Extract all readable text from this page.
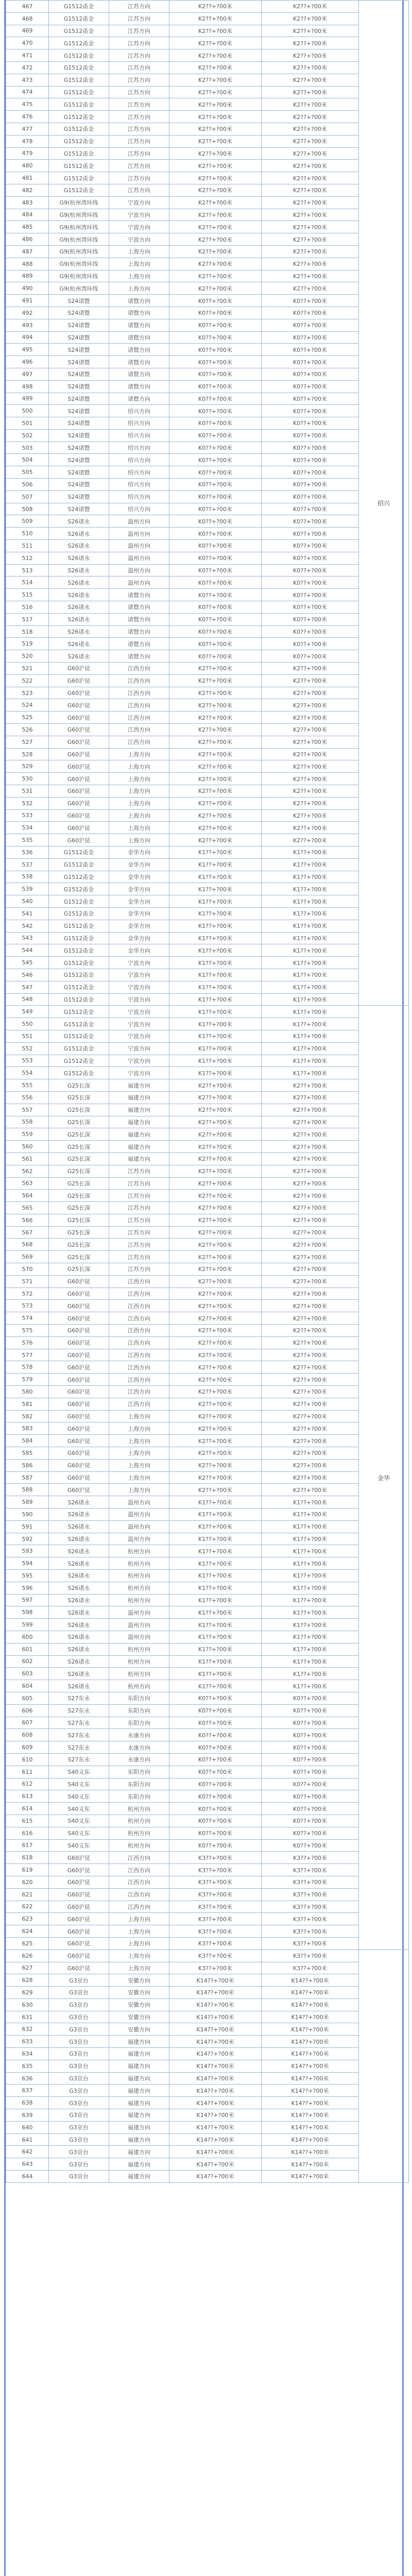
467	G1512甬金	江苏方向	K2??+?00米	K2??+?00米	绍兴
468	G1512甬金	江苏方向	K2??+?00米	K2??+?00米	
469	G1512甬金	江苏方向	K2??+?00米	K2??+?00米	
470	G1512甬金	江苏方向	K2??+?00米	K2??+?00米	
471	G1512甬金	江苏方向	K2??+?00米	K2??+?00米	
472	G1512甬金	江苏方向	K2??+?00米	K2??+?00米	
473	G1512甬金	江苏方向	K2??+?00米	K2??+?00米	
474	G1512甬金	江苏方向	K2??+?00米	K2??+?00米	
475	G1512甬金	江苏方向	K2??+?00米	K2??+?00米	
476	G1512甬金	江苏方向	K2??+?00米	K2??+?00米	
477	G1512甬金	江苏方向	K2??+?00米	K2??+?00米	
478	G1512甬金	江苏方向	K2??+?00米	K2??+?00米	
479	G1512甬金	江苏方向	K2??+?00米	K2??+?00米	
480	G1512甬金	江苏方向	K2??+?00米	K2??+?00米	
481	G1512甬金	江苏方向	K2??+?00米	K2??+?00米	
482	G1512甬金	江苏方向	K2??+?00米	K2??+?00米	
483	G9(杭州湾环线	宁波方向	K2??+?00米	K2??+?00米	
484	G9(杭州湾环线	宁波方向	K2??+?00米	K2??+?00米	
485	G9(杭州湾环线	宁波方向	K2??+?00米	K2??+?00米	
486	G9(杭州湾环线	宁波方向	K2??+?00米	K2??+?00米	
487	G9(杭州湾环线	上海方向	K2??+?00米	K2??+?00米	
488	G9(杭州湾环线	上海方向	K2??+?00米	K2??+?00米	
489	G9(杭州湾环线	上海方向	K2??+?00米	K2??+?00米	
490	G9(杭州湾环线	上海方向	K2??+?00米	K2??+?00米	
491	S24诸暨	诸暨方向	K0??+?00米	K0??+?00米	
492	S24诸暨	诸暨方向	K0??+?00米	K0??+?00米	
493	S24诸暨	诸暨方向	K0??+?00米	K0??+?00米	
494	S24诸暨	诸暨方向	K0??+?00米	K0??+?00米	
495	S24诸暨	诸暨方向	K0??+?00米	K0??+?00米	
496	S24诸暨	诸暨方向	K0??+?00米	K0??+?00米	
497	S24诸暨	诸暨方向	K0??+?00米	K0??+?00米	
498	S24诸暨	诸暨方向	K0??+?00米	K0??+?00米	
499	S24诸暨	诸暨方向	K0??+?00米	K0??+?00米	
500	S24诸暨	绍兴方向	K0??+?00米	K0??+?00米	
501	S24诸暨	绍兴方向	K0??+?00米	K0??+?00米	
502	S24诸暨	绍兴方向	K0??+?00米	K0??+?00米	
503	S24诸暨	绍兴方向	K0??+?00米	K0??+?00米	
504	S24诸暨	绍兴方向	K0??+?00米	K0??+?00米	
505	S24诸暨	绍兴方向	K0??+?00米	K0??+?00米	
506	S24诸暨	绍兴方向	K0??+?00米	K0??+?00米	
507	S24诸暨	绍兴方向	K0??+?00米	K0??+?00米	
508	S24诸暨	绍兴方向	K0??+?00米	K0??+?00米	
509	S26诸永	温州方向	K0??+?00米	K0??+?00米	
510	S26诸永	温州方向	K0??+?00米	K0??+?00米	
511	S26诸永	温州方向	K0??+?00米	K0??+?00米	
512	S26诸永	温州方向	K0??+?00米	K0??+?00米	
513	S26诸永	温州方向	K0??+?00米	K0??+?00米	
514	S26诸永	温州方向	K0??+?00米	K0??+?00米	
515	S26诸永	诸暨方向	K0??+?00米	K0??+?00米	
516	S26诸永	诸暨方向	K0??+?00米	K0??+?00米	
517	S26诸永	诸暨方向	K0??+?00米	K0??+?00米	
518	S26诸永	诸暨方向	K0??+?00米	K0??+?00米	
519	S26诸永	诸暨方向	K0??+?00米	K0??+?00米	
520	S26诸永	诸暨方向	K0??+?00米	K0??+?00米	
521	G60沪昆	江西方向	K2??+?00米	K2??+?00米	
522	G60沪昆	江西方向	K2??+?00米	K2??+?00米	
523	G60沪昆	江西方向	K2??+?00米	K2??+?00米	
524	G60沪昆	江西方向	K2??+?00米	K2??+?00米	
525	G60沪昆	江西方向	K2??+?00米	K2??+?00米	
526	G60沪昆	江西方向	K2??+?00米	K2??+?00米	
527	G60沪昆	江西方向	K2??+?00米	K2??+?00米	
528	G60沪昆	上海方向	K2??+?00米	K2??+?00米	
529	G60沪昆	上海方向	K2??+?00米	K2??+?00米	
530	G60沪昆	上海方向	K2??+?00米	K2??+?00米	
531	G60沪昆	上海方向	K2??+?00米	K2??+?00米	
532	G60沪昆	上海方向	K2??+?00米	K2??+?00米	
533	G60沪昆	上海方向	K2??+?00米	K2??+?00米	
534	G60沪昆	上海方向	K2??+?00米	K2??+?00米	
535	G60沪昆	上海方向	K2??+?00米	K2??+?00米	
536	G1512甬金	金华方向	K1??+?00米	K1??+?00米	
537	G1512甬金	金华方向	K1??+?00米	K1??+?00米	
538	G1512甬金	金华方向	K1??+?00米	K1??+?00米	
539	G1512甬金	金华方向	K1??+?00米	K1??+?00米	
540	G1512甬金	金华方向	K1??+?00米	K1??+?00米	
541	G1512甬金	金华方向	K1??+?00米	K1??+?00米	
542	G1512甬金	金华方向	K1??+?00米	K1??+?00米	
543	G1512甬金	金华方向	K1??+?00米	K1??+?00米	
544	G1512甬金	金华方向	K1??+?00米	K1??+?00米	
545	G1512甬金	宁波方向	K1??+?00米	K1??+?00米	
546	G1512甬金	宁波方向	K1??+?00米	K1??+?00米	
547	G1512甬金	宁波方向	K1??+?00米	K1??+?00米	
548	G1512甬金	宁波方向	K1??+?00米	K1??+?00米	
549	G1512甬金	宁波方向	K1??+?00米	K1??+?00米	金华
550	G1512甬金	宁波方向	K1??+?00米	K1??+?00米	
551	G1512甬金	宁波方向	K1??+?00米	K1??+?00米	
552	G1512甬金	宁波方向	K1??+?00米	K1??+?00米	
553	G1512甬金	宁波方向	K1??+?00米	K1??+?00米	
554	G1512甬金	宁波方向	K1??+?00米	K1??+?00米	
555	G25长深	福建方向	K2??+?00米	K2??+?00米	
556	G25长深	福建方向	K2??+?00米	K2??+?00米	
557	G25长深	福建方向	K2??+?00米	K2??+?00米	
558	G25长深	福建方向	K2??+?00米	K2??+?00米	
559	G25长深	福建方向	K2??+?00米	K2??+?00米	
560	G25长深	福建方向	K2??+?00米	K2??+?00米	
561	G25长深	福建方向	K2??+?00米	K2??+?00米	
562	G25长深	江苏方向	K2??+?00米	K2??+?00米	
563	G25长深	江苏方向	K2??+?00米	K2??+?00米	
564	G25长深	江苏方向	K2??+?00米	K2??+?00米	
565	G25长深	江苏方向	K2??+?00米	K2??+?00米	
566	G25长深	江苏方向	K2??+?00米	K2??+?00米	
567	G25长深	江苏方向	K2??+?00米	K2??+?00米	
568	G25长深	江苏方向	K2??+?00米	K2??+?00米	
569	G25长深	江苏方向	K2??+?00米	K2??+?00米	
570	G25长深	江苏方向	K2??+?00米	K2??+?00米	
571	G60沪昆	江西方向	K2??+?00米	K2??+?00米	
572	G60沪昆	江西方向	K2??+?00米	K2??+?00米	
573	G60沪昆	江西方向	K2??+?00米	K2??+?00米	
574	G60沪昆	江西方向	K2??+?00米	K2??+?00米	
575	G60沪昆	江西方向	K2??+?00米	K2??+?00米	
576	G60沪昆	江西方向	K2??+?00米	K2??+?00米	
577	G60沪昆	江西方向	K2??+?00米	K2??+?00米	
578	G60沪昆	江西方向	K2??+?00米	K2??+?00米	
579	G60沪昆	江西方向	K2??+?00米	K2??+?00米	
580	G60沪昆	江西方向	K2??+?00米	K2??+?00米	
581	G60沪昆	江西方向	K2??+?00米	K2??+?00米	
582	G60沪昆	上海方向	K2??+?00米	K2??+?00米	
583	G60沪昆	上海方向	K2??+?00米	K2??+?00米	
584	G60沪昆	上海方向	K2??+?00米	K2??+?00米	
585	G60沪昆	上海方向	K2??+?00米	K2??+?00米	
586	G60沪昆	上海方向	K2??+?00米	K2??+?00米	
587	G60沪昆	上海方向	K2??+?00米	K2??+?00米	
588	G60沪昆	上海方向	K2??+?00米	K2??+?00米	
589	S26诸永	温州方向	K1??+?00米	K1??+?00米	
590	S26诸永	温州方向	K1??+?00米	K1??+?00米	
591	S26诸永	温州方向	K1??+?00米	K1??+?00米	
592	S26诸永	温州方向	K1??+?00米	K1??+?00米	
593	S26诸永	杭州方向	K1??+?00米	K1??+?00米	
594	S26诸永	杭州方向	K1??+?00米	K1??+?00米	
595	S26诸永	杭州方向	K1??+?00米	K1??+?00米	
596	S26诸永	杭州方向	K1??+?00米	K1??+?00米	
597	S26诸永	杭州方向	K1??+?00米	K1??+?00米	
598	S26诸永	温州方向	K1??+?00米	K1??+?00米	
599	S26诸永	温州方向	K1??+?00米	K1??+?00米	
600	S26诸永	温州方向	K1??+?00米	K1??+?00米	
601	S26诸永	杭州方向	K1??+?00米	K1??+?00米	
602	S26诸永	杭州方向	K1??+?00米	K1??+?00米	
603	S26诸永	杭州方向	K1??+?00米	K1??+?00米	
604	S26诸永	杭州方向	K1??+?00米	K1??+?00米	
605	S27东永	东阳方向	K0??+?00米	K0??+?00米	
606	S27东永	东阳方向	K0??+?00米	K0??+?00米	
607	S27东永	东阳方向	K0??+?00米	K0??+?00米	
608	S27东永	永康方向	K0??+?00米	K0??+?00米	
609	S27东永	永康方向	K0??+?00米	K0??+?00米	
610	S27东永	永康方向	K0??+?00米	K0??+?00米	
611	S40义东	东阳方向	K0??+?00米	K0??+?00米	
612	S40义东	东阳方向	K0??+?00米	K0??+?00米	
613	S40义东	东阳方向	K0??+?00米	K0??+?00米	
614	S40义东	杭州方向	K0??+?00米	K0??+?00米	
615	S40义东	杭州方向	K0??+?00米	K0??+?00米	
616	S40义东	杭州方向	K0??+?00米	K0??+?00米	
617	S40义东	杭州方向	K0??+?00米	K0??+?00米	
618	G60沪昆	江西方向	K3??+?00米	K3??+?00米	
619	G60沪昆	江西方向	K3??+?00米	K3??+?00米	
620	G60沪昆	江西方向	K3??+?00米	K3??+?00米	
621	G60沪昆	江西方向	K3??+?00米	K3??+?00米	
622	G60沪昆	江西方向	K3??+?00米	K3??+?00米	
623	G60沪昆	上海方向	K3??+?00米	K3??+?00米	
624	G60沪昆	上海方向	K3??+?00米	K3??+?00米	
625	G60沪昆	上海方向	K3??+?00米	K3??+?00米	
626	G60沪昆	上海方向	K3??+?00米	K3??+?00米	
627	G60沪昆	上海方向	K3??+?00米	K3??+?00米	
628	G3京台	安徽方向	K14??+?00米	K14??+?00米	
629	G3京台	安徽方向	K14??+?00米	K14??+?00米	
630	G3京台	安徽方向	K14??+?00米	K14??+?00米	
631	G3京台	安徽方向	K14??+?00米	K14??+?00米	
632	G3京台	安徽方向	K14??+?00米	K14??+?00米	
633	G3京台	福建方向	K14??+?00米	K14??+?00米	
634	G3京台	福建方向	K14??+?00米	K14??+?00米	
635	G3京台	福建方向	K14??+?00米	K14??+?00米	
636	G3京台	福建方向	K14??+?00米	K14??+?00米	
637	G3京台	福建方向	K14??+?00米	K14??+?00米	
638	G3京台	福建方向	K14??+?00米	K14??+?00米	
639	G3京台	福建方向	K14??+?00米	K14??+?00米	
640	G3京台	福建方向	K14??+?00米	K14??+?00米	
641	G3京台	福建方向	K14??+?00米	K14??+?00米	
642	G3京台	福建方向	K14??+?00米	K14??+?00米	
643	G3京台	福建方向	K14??+?00米	K14??+?00米	
644	G3京台	福建方向	K14??+?00米	K14??+?00米	
